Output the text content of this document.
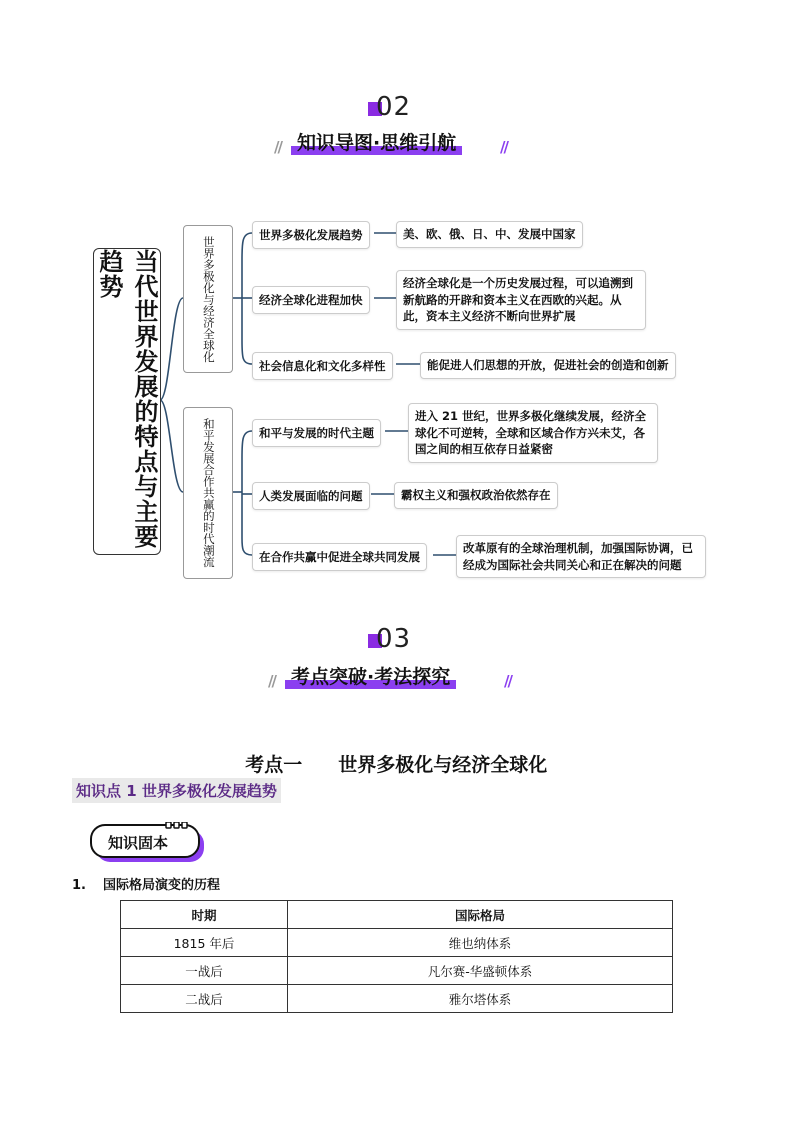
02
// 知识导图·思维引航	//
当代世界发展的特点与主要趋势	世界多极化与经济全球化
世界多极化发展趋势	美、欧、俄、日、中、发展中国家
经济全球化进程加快
经济全球化是一个历史发展过程，可以追溯到新航路的开辟和资本主义在西欧的兴起。从此，资本主义经济不断向世界扩展
社会信息化和文化多样性	能促进人们思想的开放，促进社会的创造和创新
和平发展合作共赢的时代潮流	和平与发展的时代主题
进入 21 世纪，世界多极化继续发展，经济全球化不可逆转，全球和区域合作方兴未艾，各国之间的相互依存日益紧密
人类发展面临的问题	霸权主义和强权政治依然存在
在合作共赢中促进全球共同发展
改革原有的全球治理机制，加强国际协调，已经成为国际社会共同关心和正在解决的问题
03
// 考点突破·考法探究	//

考点一 世界多极化与经济全球化

知识点 1 世界多极化发展趋势
知识固本
1. 国际格局演变的历程
时期	国际格局
1815 年后	维也纳体系
一战后	凡尔赛-华盛顿体系
二战后	雅尔塔体系
